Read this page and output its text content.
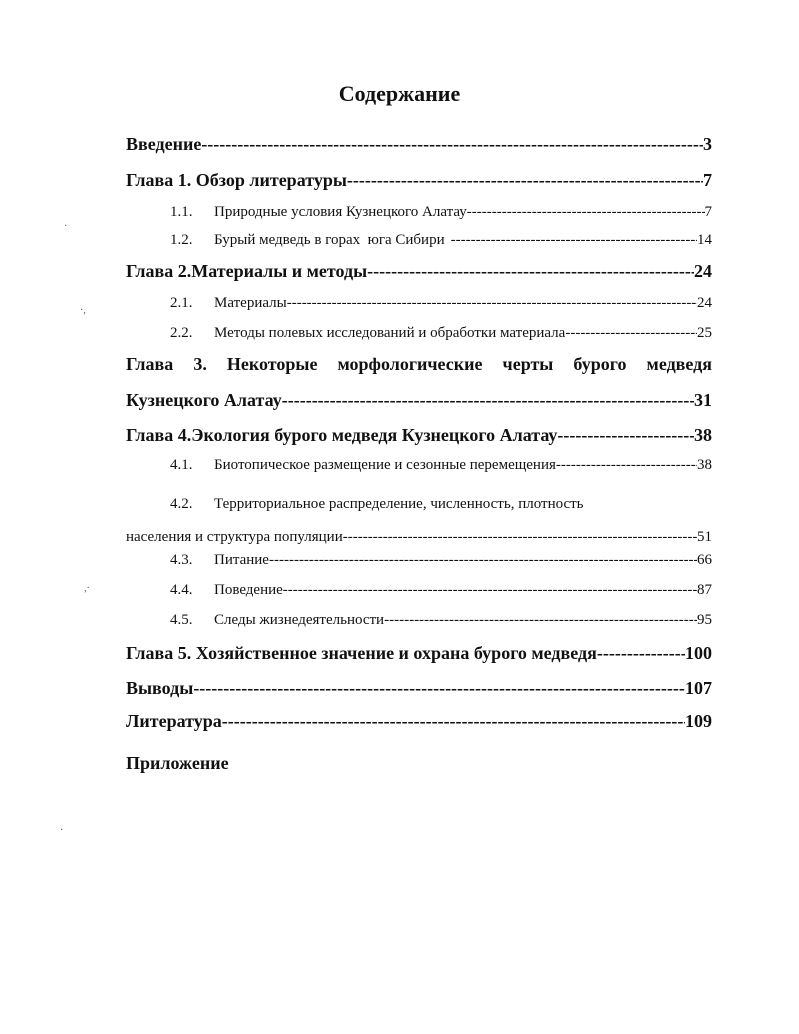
Содержание
Введение -----	3
Глава 1. Обзор литературы -----	7
1.1.	Природные условия Кузнецкого Алатау -----	7
1.2.	Бурый медведь в горах  юга Сибири -----	14
Глава 2.Материалы и методы -----	24
2.1.	Материалы -----	24
2.2.	Методы полевых исследований и обработки материала -----	25
Глава 3. Некоторые морфологические черты бурого медведя
Кузнецкого Алатау -----	31
Глава 4.Экология бурого медведя Кузнецкого Алатау -----	38
4.1.	Биотопическое размещение и сезонные перемещения -----	38
4.2. Территориальное распределение, численность, плотность
населения и структура популяции -----	51
4.3.	Питание -----	66
4.4.	Поведение -----	87
4.5.	Следы жизнедеятельности -----	95
Глава 5. Хозяйственное значение и охрана бурого медведя -----	100
Выводы -----	107
Литература -----	109
Приложение
·,
·
,·
·
